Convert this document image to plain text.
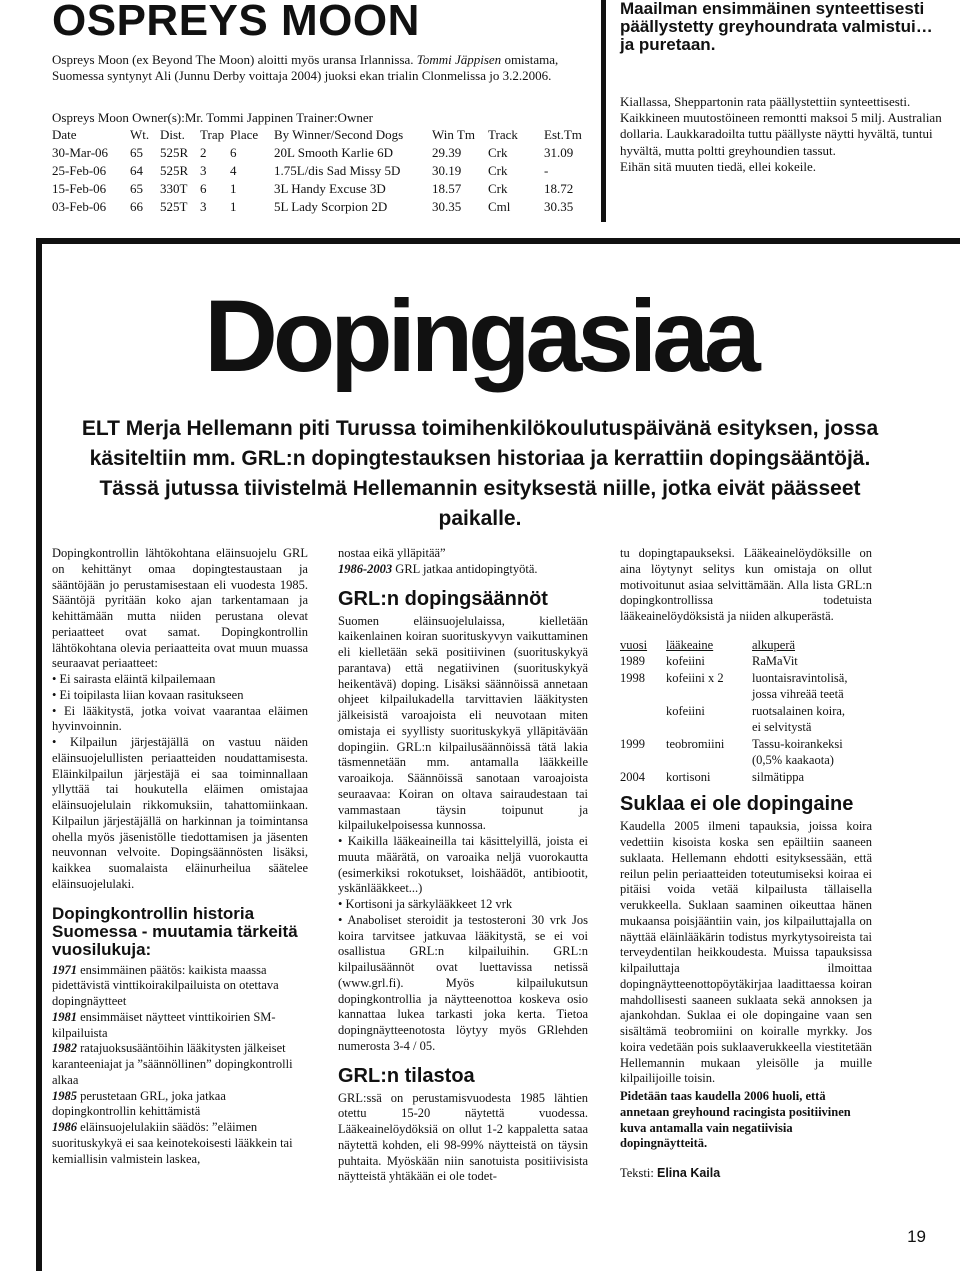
OSPREYS MOON
Ospreys Moon (ex Beyond The Moon) aloitti myös uransa Irlannissa. Tommi Jäppisen omistama, Suomessa syntynyt Ali (Junnu Derby voittaja 2004) juoksi ekan trialin Clonmelissa jo 3.2.2006.
Ospreys Moon Owner(s):Mr. Tommi Jappinen Trainer:Owner
Date	Wt.	Dist.	Trap	Place	By Winner/Second Dogs	Win Tm	Track	Est.Tm
30-Mar-06	65	525R	2	6	20L Smooth Karlie 6D	29.39	Crk	31.09
25-Feb-06	64	525R	3	4	1.75L/dis Sad Missy 5D	30.19	Crk	-
15-Feb-06	65	330T	6	1	3L Handy Excuse 3D	18.57	Crk	18.72
03-Feb-06	66	525T	3	1	5L Lady Scorpion 2D	30.35	Cml	30.35
Maailman ensimmäinen synteettisesti päällystetty greyhoundrata valmistui… ja puretaan.
Kiallassa, Sheppartonin rata päällystettiin synteettisesti. Kaikkineen muutostöineen remontti maksoi 5 milj. Australian dollaria. Laukkaradoilta tuttu päällyste näytti hyvältä, tuntui hyvältä, mutta poltti greyhoundien tassut.
Eihän sitä muuten tiedä, ellei kokeile.
Dopingasiaa
ELT Merja Hellemann piti Turussa toimihenkilökoulutuspäivänä esityksen, jossa käsiteltiin mm. GRL:n dopingtestauksen historiaa ja kerrattiin dopingsääntöjä. Tässä jutussa tiivistelmä Hellemannin esityksestä niille, jotka eivät päässeet paikalle.

Dopingkontrollin lähtökohtana eläinsuojelu GRL on kehittänyt omaa dopingtestaustaan ja sääntöjään jo perustamisestaan eli vuodesta 1985. Sääntöjä pyritään koko ajan tarkentamaan ja kehittämään mutta niiden perustana olevat periaatteet ovat samat. Dopingkontrollin lähtökohtana olevia periaatteita ovat muun muassa seuraavat periaatteet:

• Ei sairasta eläintä kilpailemaan

• Ei toipilasta liian kovaan rasitukseen

• Ei lääkitystä, jotka voivat vaarantaa eläimen hyvinvoinnin.

• Kilpailun järjestäjällä on vastuu näiden eläinsuojelullisten periaatteiden noudattamisesta. Eläinkilpailun järjestäjä ei saa toiminnallaan yllyttää tai houkutella eläimen omistajaa eläinsuojelulain rikkomuksiin, tahattomiinkaan. Kilpailun järjestäjällä on harkinnan ja toimintansa ohella myös jäsenistölle tiedottamisen ja jäsenten neuvonnan velvoite. Dopingsäännösten lisäksi, kaikkea suomalaista eläinurheilua säätelee eläinsuojelulaki.

Dopingkontrollin historia Suomessa - muutamia tärkeitä vuosilukuja:

1971 ensimmäinen päätös: kaikista maassa pidettävistä vinttikoirakilpailuista on otettava dopingnäytteet

1981 ensimmäiset näytteet vinttikoirien SM-kilpailuista

1982 ratajuoksusääntöihin lääkitysten jälkeiset karanteeniajat ja ”säännöllinen” dopingkontrolli alkaa

1985 perustetaan GRL, joka jatkaa dopingkontrollin kehittämistä

1986 eläinsuojelulakiin säädös: ”eläimen suorituskykyä ei saa keinotekoisesti lääkkein tai kemiallisin valmistein laskea,

nostaa eikä ylläpitää”

1986-2003 GRL jatkaa antidopingtyötä.

GRL:n dopingsäännöt

Suomen eläinsuojelulaissa, kielletään kaikenlainen koiran suorituskyvyn vaikuttaminen eli kielletään sekä positiivinen (suorituskykyä parantava) että negatiivinen (suorituskykyä heikentävä) doping. Lisäksi säännöissä annetaan ohjeet kilpailukadella tarvittavien lääkitysten jälkeisistä varoajoista eli neuvotaan miten omistaja ei syyllisty suorituskykyä ylläpitävään dopingiin. GRL:n kilpailusäännöissä tätä lakia täsmennetään mm. antamalla lääkkeille varoaikoja. Säännöissä sanotaan varoajoista seuraavaa: Koiran on oltava sairaudestaan tai vammastaan täysin toipunut ja kilpailukelpoisessa kunnossa.

• Kaikilla lääkeaineilla tai käsittelyillä, joista ei muuta määrätä, on varoaika neljä vuorokautta (esimerkiksi rokotukset, loishäädöt, antibiootit, yskänlääkkeet...)

• Kortisoni ja särkylääkkeet 12 vrk

• Anaboliset steroidit ja testosteroni 30 vrk Jos koira tarvitsee jatkuvaa lääkitystä, se ei voi osallistua GRL:n kilpailuihin. GRL:n kilpailusäännöt ovat luettavissa netissä (www.grl.fi). Myös kilpailukutsun dopingkontrollia ja näytteenottoa koskeva osio kannattaa lukea tarkasti joka kerta. Tietoa dopingnäytteenotosta löytyy myös GRlehden numerosta 3-4 / 05.

GRL:n tilastoa

GRL:ssä on perustamisvuodesta 1985 lähtien otettu 15-20 näytettä vuodessa. Lääkeainelöydöksiä on ollut 1-2 kappaletta sataa näytettä kohden, eli 98-99% näytteistä on täysin puhtaita. Myöskään niin sanotuista positiivisista näytteistä yhtäkään ei ole todet-

tu dopingtapaukseksi. Lääkeainelöydöksille on aina löytynyt selitys kun omistaja on ollut motivoitunut asiaa selvittämään. Alla lista GRL:n dopingkontrollissa todetuista lääkeainelöydöksistä ja niiden alkuperästä.

vuosi	lääkeaine	alkuperä
1989	kofeiini	RaMaVit
1998	kofeiini x 2	luontaisravintolisä,
		jossa vihreää teetä
	kofeiini	ruotsalainen koira,
		ei selvitystä
1999	teobromiini	Tassu-koirankeksi
		(0,5% kaakaota)
2004	kortisoni	silmätippa
Suklaa ei ole dopingaine

Kaudella 2005 ilmeni tapauksia, joissa koira vedettiin kisoista koska sen epäiltiin saaneen suklaata. Hellemann ehdotti esityksessään, että reilun pelin periaatteiden toteutumiseksi koiraa ei pitäisi voida vetää kilpailusta tällaisella verukkeella. Suklaan saaminen oikeuttaa hänen mukaansa poisjääntiin vain, jos kilpailuttajalla on näyttää eläinlääkärin todistus myrkytysoireista tai terveydentilan heikkoudesta. Muissa tapauksissa kilpailuttaja ilmoittaa dopingnäytteenottopöytäkirjaa laadittaessa koiran mahdollisesti saaneen suklaata sekä annoksen ja ajankohdan. Suklaa ei ole dopingaine vaan sen sisältämä teobromiini on koiralle myrkky. Jos koira vedetään pois suklaaverukkeella viestitetään Hellemannin mukaan yleisölle ja muille kilpailijoille toisin.

Pidetään taas kaudella 2006 huoli, että annetaan greyhound racingista positiivinen kuva antamalla vain negatiivisia dopingnäytteitä.

Teksti: Elina Kaila

19
